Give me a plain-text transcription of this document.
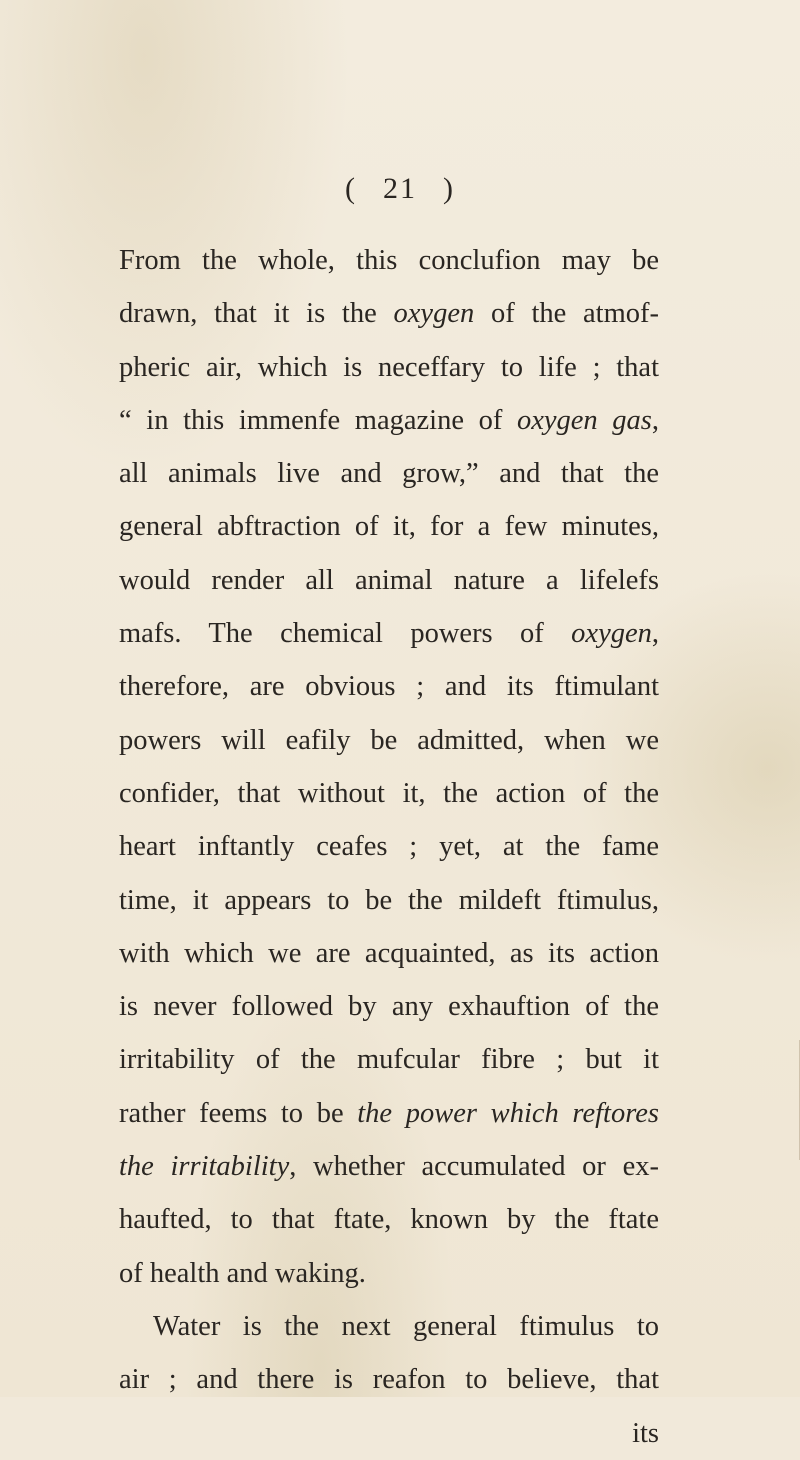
( 21 )
From the whole, this conclufion may be
drawn, that it is the oxygen of the atmof-
pheric air, which is neceffary to life ; that
“ in this immenfe magazine of oxygen gas,
all animals live and grow,” and that the
general abftraction of it, for a few minutes,
would render all animal nature a lifelefs
mafs. The chemical powers of oxygen,
therefore, are obvious ; and its ftimulant
powers will eafily be admitted, when we
confider, that without it, the action of the
heart inftantly ceafes ; yet, at the fame
time, it appears to be the mildeft ftimulus,
with which we are acquainted, as its action
is never followed by any exhauftion of the
irritability of the mufcular fibre ; but it
rather feems to be the power which reftores
the irritability, whether accumulated or ex-
haufted, to that ftate, known by the ftate
of health and waking.
Water is the next general ftimulus to
air ; and there is reafon to believe, that
its
